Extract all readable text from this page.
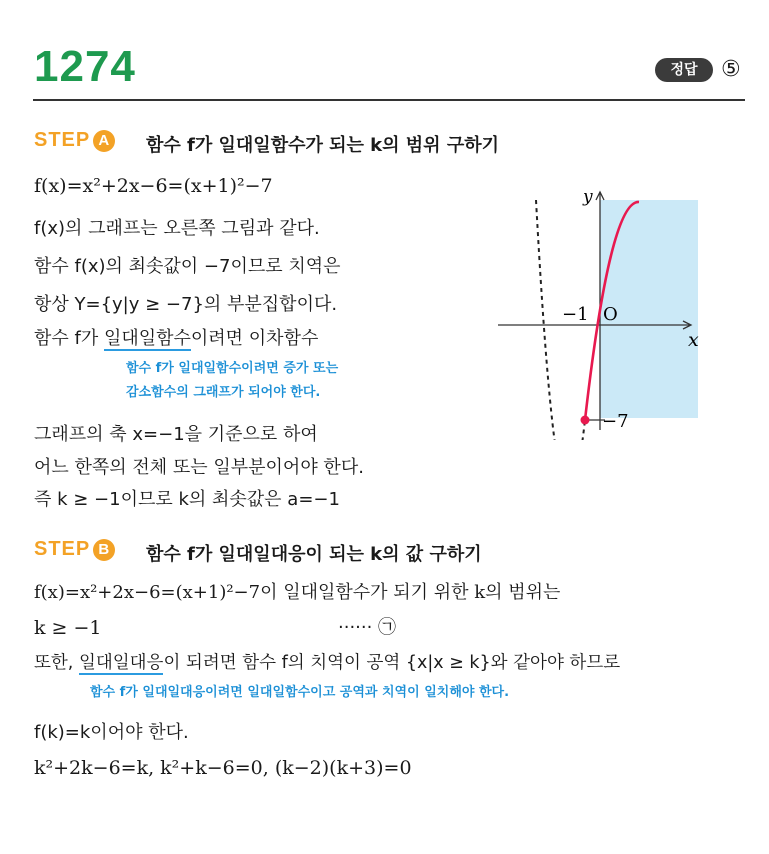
1274	정답	⑤
STEP A 함수 f가 일대일함수가 되는 k의 범위 구하기
f(x)=x²+2x−6=(x+1)²−7
f(x)의 그래프는 오른쪽 그림과 같다.
함수 f(x)의 최솟값이 −7이므로 치역은
항상 Y={y|y ≥ −7}의 부분집합이다.
함수 f가 일대일함수이려면 이차함수
함수 f가 일대일함수이려면 증가 또는
감소함수의 그래프가 되어야 한다.
그래프의 축 x=−1을 기준으로 하여
어느 한쪽의 전체 또는 일부분이어야 한다.
즉 k ≥ −1이므로 k의 최솟값은 a=−1
y
x
−1 O
−7
STEP B 함수 f가 일대일대응이 되는 k의 값 구하기
f(x)=x²+2x−6=(x+1)²−7이 일대일함수가 되기 위한 k의 범위는
k ≥ −1	······ ㉠
또한, 일대일대응이 되려면 함수 f의 치역이 공역 {x|x ≥ k}와 같아야 하므로
함수 f가 일대일대응이려면 일대일함수이고 공역과 치역이 일치해야 한다.
f(k)=k이어야 한다.
k²+2k−6=k, k²+k−6=0, (k−2)(k+3)=0
